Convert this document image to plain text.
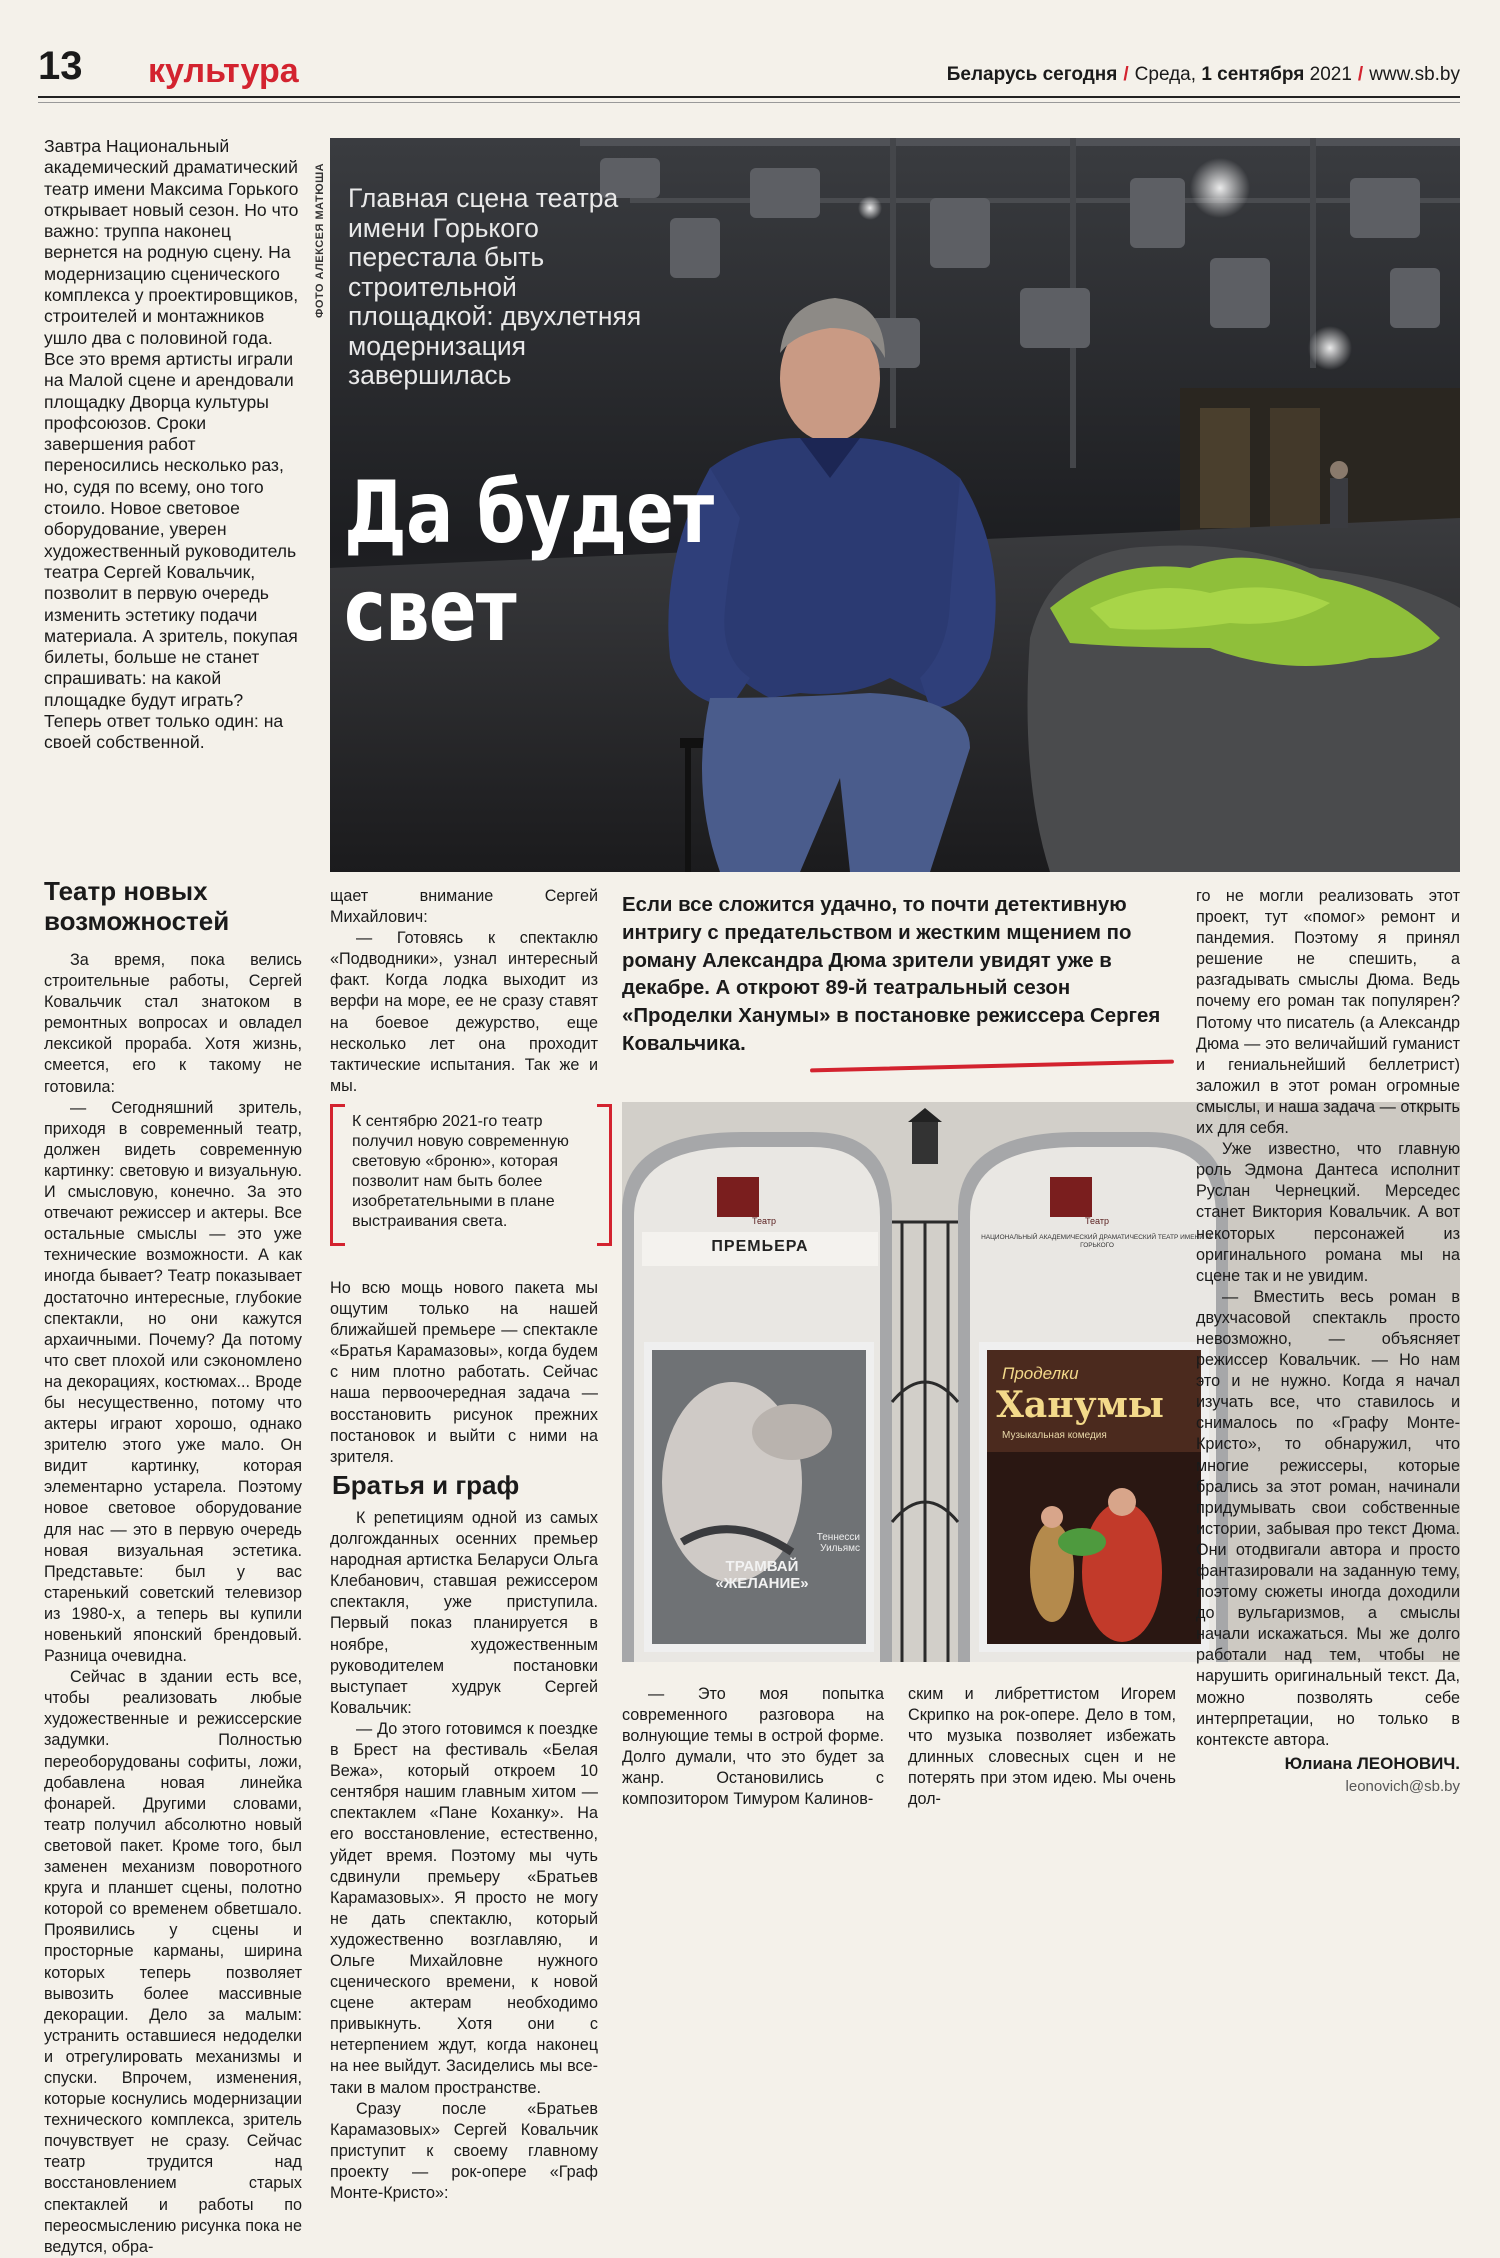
13 культура	Беларусь сегодня / Среда, 1 сентября 2021 / www.sb.by
Завтра Национальный академический драматический театр имени Максима Горького открывает новый сезон. Но что важно: труппа наконец вернется на родную сцену. На модернизацию сценического комплекса у проектировщиков, строителей и монтажников ушло два с половиной года. Все это время артисты играли на Малой сцене и арендовали площадку Дворца культуры профсоюзов. Сроки завершения работ переносились несколько раз, но, судя по всему, оно того стоило. Новое световое оборудование, уверен художественный руководитель театра Сергей Ковальчик, позволит в первую очередь изменить эстетику подачи материала. А зритель, покупая билеты, больше не станет спрашивать: на какой площадке будут играть? Теперь ответ только один: на своей собственной.
ФОТО АЛЕКСЕЯ МАТЮША Главная сцена театра имени Горького перестала быть строительной площадкой: двухлетняя модернизация завершилась
Да будет
свет
Театр новых возможностей

За время, пока велись строительные работы, Сергей Ковальчик стал знатоком в ремонтных вопросах и овладел лексикой прораба. Хотя жизнь, смеется, его к такому не готовила:

— Сегодняшний зритель, приходя в современный театр, должен видеть современную картинку: световую и визуальную. И смысловую, конечно. За это отвечают режиссер и актеры. Все остальные смыслы — это уже технические возможности. А как иногда бывает? Театр показывает достаточно интересные, глубокие спектакли, но они кажутся архаичными. Почему? Да потому что свет плохой или сэкономлено на декорациях, костюмах... Вроде бы несущественно, потому что актеры играют хорошо, однако зрителю этого уже мало. Он видит картинку, которая элементарно устарела. Поэтому новое световое оборудование для нас — это в первую очередь новая визуальная эстетика. Представьте: был у вас старенький советский телевизор из 1980-х, а теперь вы купили новенький японский брендовый. Разница очевидна.

Сейчас в здании есть все, чтобы реализовать любые художественные и режиссерские задумки. Полностью переоборудованы софиты, ложи, добавлена новая линейка фонарей. Другими словами, театр получил абсолютно новый световой пакет. Кроме того, был заменен механизм поворотного круга и планшет сцены, полотно которой со временем обветшало. Проявились у сцены и просторные карманы, ширина которых теперь позволяет вывозить более массивные декорации. Дело за малым: устранить оставшиеся недоделки и отрегулировать механизмы и спуски. Впрочем, изменения, которые коснулись модернизации технического комплекса, зритель почувствует не сразу. Сейчас театр трудится над восстановлением старых спектаклей и работы по переосмыслению рисунка пока не ведутся, обра-

щает внимание Сергей Михайлович:

— Готовясь к спектаклю «Подводники», узнал интересный факт. Когда лодка выходит из верфи на море, ее не сразу ставят на боевое дежурство, еще несколько лет она проходит тактические испытания. Так же и мы.

К сентябрю 2021-го театр получил новую современную световую «броню», которая позволит нам быть более изобретательными в плане выстраивания света.

Но всю мощь нового пакета мы ощутим только на нашей ближайшей премьере — спектакле «Братья Карамазовы», когда будем с ним плотно работать. Сейчас наша первоочередная задача — восстановить рисунок прежних постановок и выйти с ними на зрителя.

Братья и граф

К репетициям одной из самых долгожданных осенних премьер народная артистка Беларуси Ольга Клебанович, ставшая режиссером спектакля, уже приступила. Первый показ планируется в ноябре, художественным руководителем постановки выступает худрук Сергей Ковальчик:

— До этого готовимся к поездке в Брест на фестиваль «Белая Вежа», который откроем 10 сентября нашим главным хитом — спектаклем «Пане Коханку». На его восстановление, естественно, уйдет время. Поэтому мы чуть сдвинули премьеру «Братьев Карамазовых». Я просто не могу не дать спектаклю, который художественно возглавляю, и Ольге Михайловне нужного сценического времени, к новой сцене актерам необходимо привыкнуть. Хотя они с нетерпением ждут, когда наконец на нее выйдут. Засиделись мы все-таки в малом пространстве.

Сразу после «Братьев Карамазовых» Сергей Ковальчик приступит к своему главному проекту — рок-опере «Граф Монте-Кристо»:

Если все сложится удачно, то почти детективную интригу с предательством и жестким мщением по роману Александра Дюма зрители увидят уже в декабре. А откроют 89-й театральный сезон «Проделки Ханумы» в постановке режиссера Сергея Ковальчика.
Театр	Театр
ПРЕМЬЕРА
НАЦИОНАЛЬНЫЙ АКАДЕМИЧЕСКИЙ ДРАМАТИЧЕСКИЙ ТЕАТР ИМЕНИ М. ГОРЬКОГО
Теннесси Уильямс
ТРАМВАЙ «ЖЕЛАНИЕ»
Проделки
Ханумы
Музыкальная комедия

— Это моя попытка современного разговора на волнующие темы в острой форме. Долго думали, что это будет за жанр. Остановились с композитором Тимуром Калинов-

ским и либреттистом Игорем Скрипко на рок-опере. Дело в том, что музыка позволяет избежать длинных словесных сцен и не потерять при этом идею. Мы очень дол-

го не могли реализовать этот проект, тут «помог» ремонт и пандемия. Поэтому я принял решение не спешить, а разгадывать смыслы Дюма. Ведь почему его роман так популярен? Потому что писатель (а Александр Дюма — это величайший гуманист и гениальнейший беллетрист) заложил в этот роман огромные смыслы, и наша задача — открыть их для себя.

Уже известно, что главную роль Эдмона Дантеса исполнит Руслан Чернецкий. Мерседес станет Виктория Ковальчик. А вот некоторых персонажей из оригинального романа мы на сцене так и не увидим.

— Вместить весь роман в двухчасовой спектакль просто невозможно, — объясняет режиссер Ковальчик. — Но нам это и не нужно. Когда я начал изучать все, что ставилось и снималось по «Графу Монте-Кристо», то обнаружил, что многие режиссеры, которые брались за этот роман, начинали придумывать свои собственные истории, забывая про текст Дюма. Они отодвигали автора и просто фантазировали на заданную тему, поэтому сюжеты иногда доходили до вульгаризмов, а смыслы начали искажаться. Мы же долго работали над тем, чтобы не нарушить оригинальный текст. Да, можно позволять себе интерпретации, но только в контексте автора.

Юлиана ЛЕОНОВИЧ.
leonovich@sb.by
